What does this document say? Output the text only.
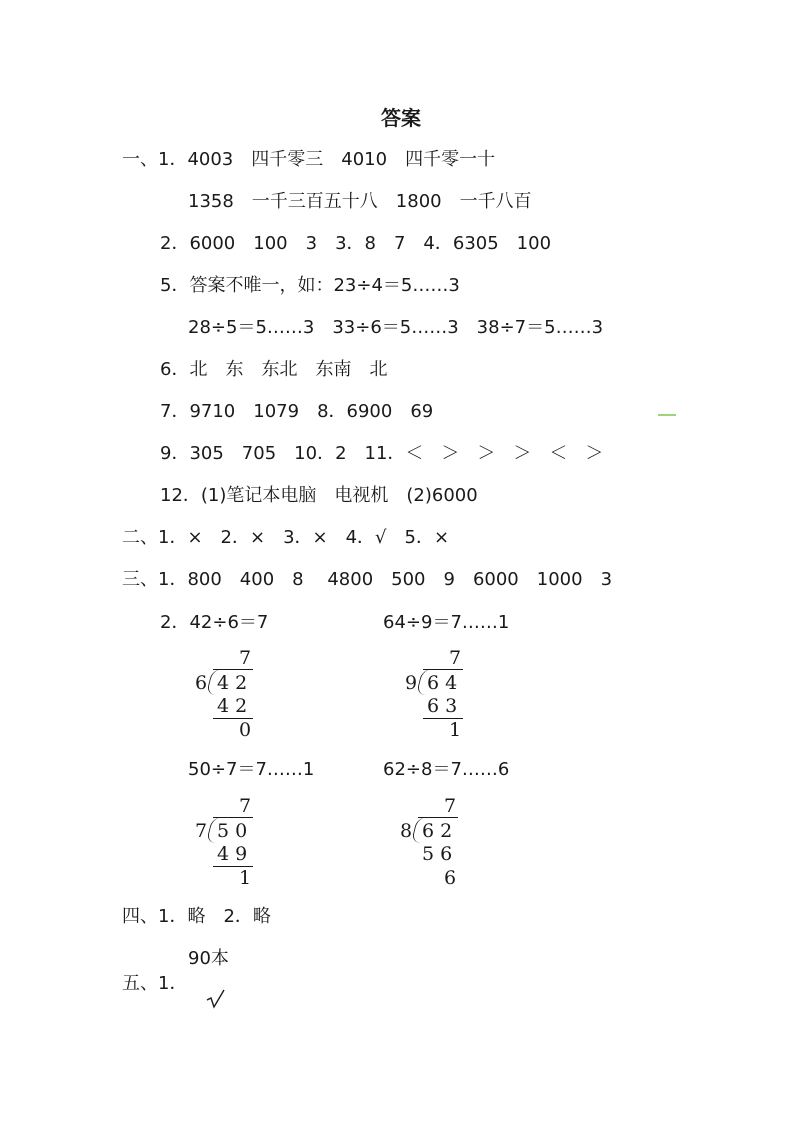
答案
一、1．4003　四千零三　4010　四千零一十
1358　一千三百五十八　1800　一千八百
2．6000　100　3　3．8　7　4．6305　100
5．答案不唯一，如：23÷4＝5……3
28÷5＝5……3　33÷6＝5……3　38÷7＝5……3
6．北　东　东北　东南　北
7．9710　1079　8．6900　69
9．305　705　10．2　11．＜　＞　＞　＞　＜　＞
12．(1)笔记本电脑　电视机　(2)6000
二、1．×　2．×　3．×　4．√　5．×
三、1．800　400　8　 4800　500　9　6000　1000　3
2．42÷6＝7	64÷9＝7……1
7
6 4 2
4 2
0
7
9 6 4
6 3
1
50÷7＝7……1	62÷8＝7……6
7
7 5 0
4 9
1
7
8 6 2
5 6
6
四、1．略　2．略
90本
五、1．
